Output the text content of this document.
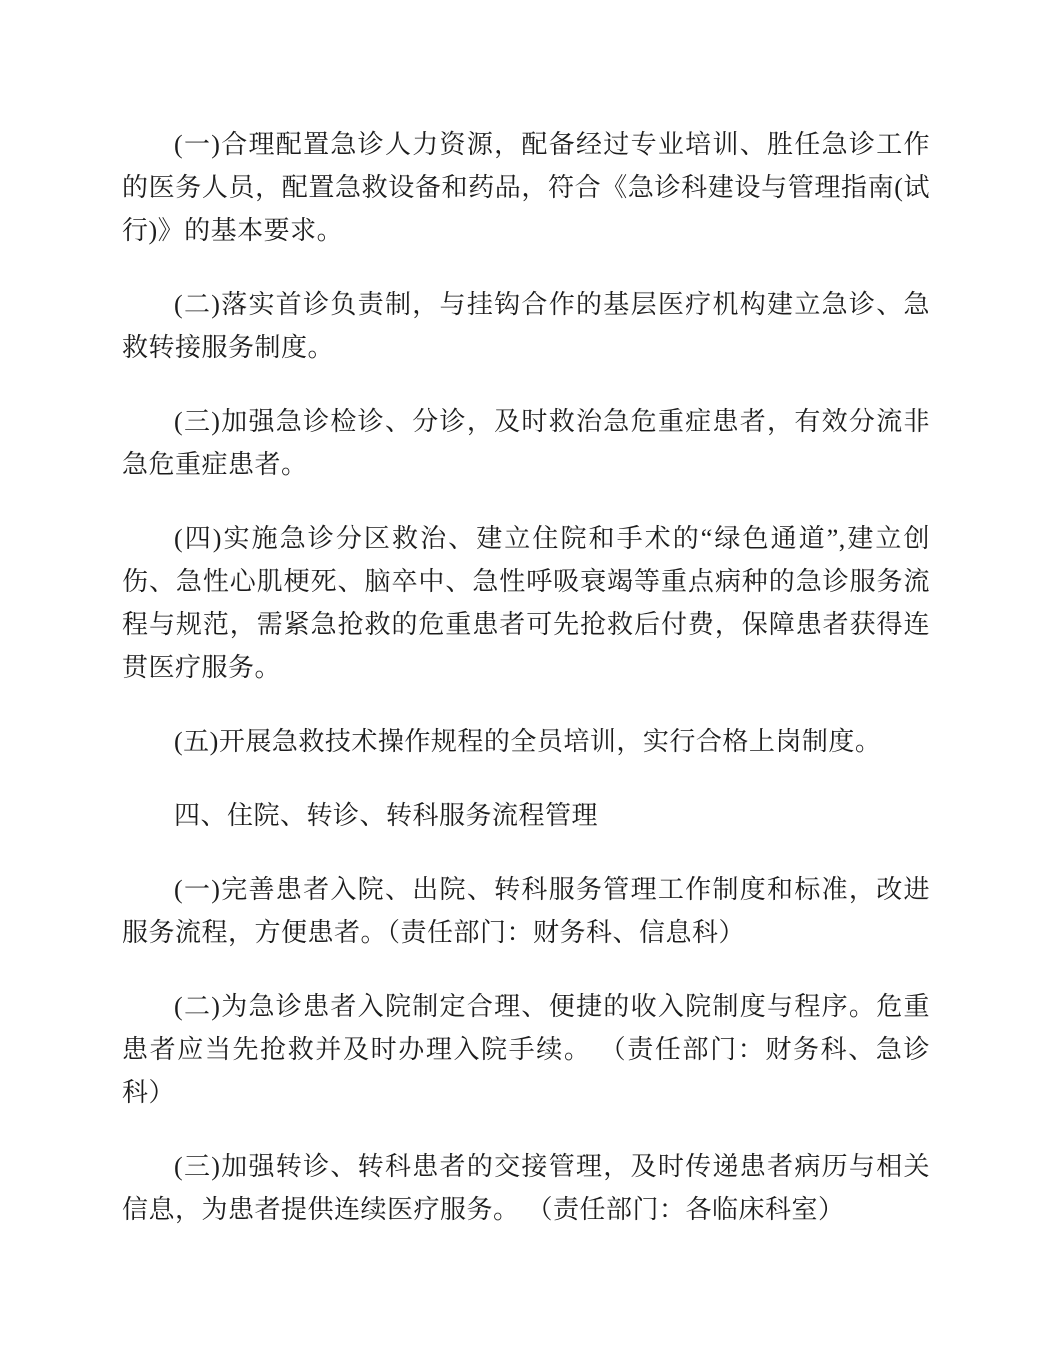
(一)合理配置急诊人力资源，配备经过专业培训、胜任急诊工作的医务人员，配置急救设备和药品，符合《急诊科建设与管理指南(试行)》的基本要求。

(二)落实首诊负责制，与挂钩合作的基层医疗机构建立急诊、急救转接服务制度。

(三)加强急诊检诊、分诊，及时救治急危重症患者，有效分流非急危重症患者。

(四)实施急诊分区救治、建立住院和手术的“绿色通道”,建立创伤、急性心肌梗死、脑卒中、急性呼吸衰竭等重点病种的急诊服务流程与规范，需紧急抢救的危重患者可先抢救后付费，保障患者获得连贯医疗服务。

(五)开展急救技术操作规程的全员培训，实行合格上岗制度。

四、住院、转诊、转科服务流程管理

(一)完善患者入院、出院、转科服务管理工作制度和标准，改进服务流程，方便患者。（责任部门：财务科、信息科）

(二)为急诊患者入院制定合理、便捷的收入院制度与程序。危重患者应当先抢救并及时办理入院手续。 （责任部门：财务科、急诊科）

(三)加强转诊、转科患者的交接管理，及时传递患者病历与相关信息，为患者提供连续医疗服务。 （责任部门：各临床科室）
